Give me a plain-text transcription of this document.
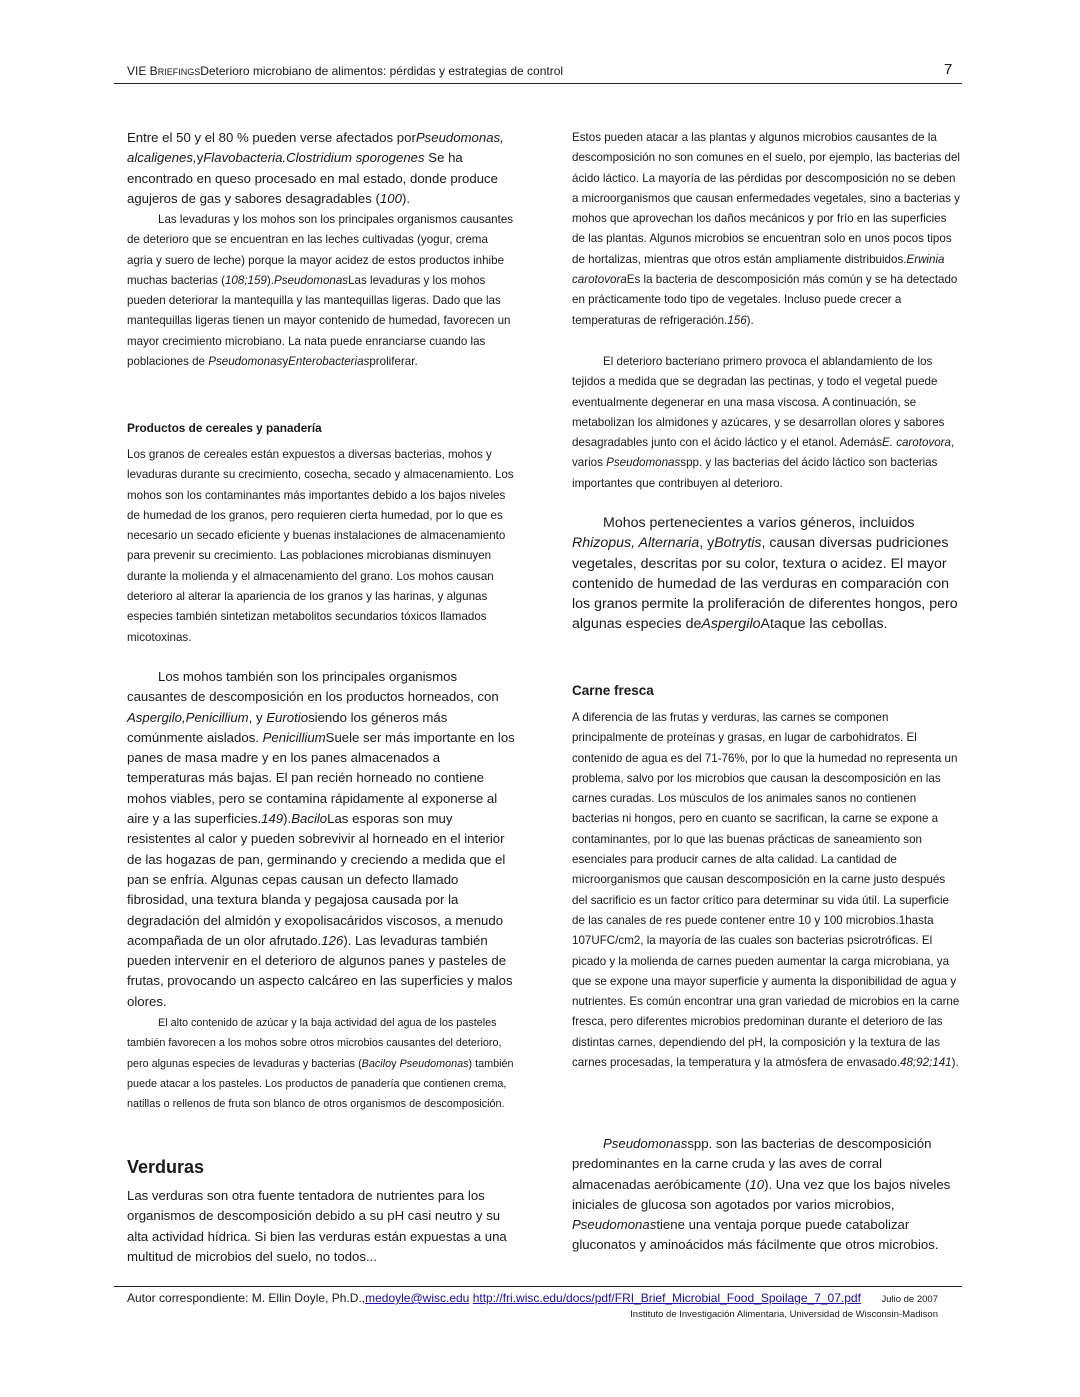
VIE BRIEFINGSDeterioro microbiano de alimentos: pérdidas y estrategias de control	7

Entre el 50 y el 80 % pueden verse afectados porPseudomonas, alcaligenes,yFlavobacteria.Clostridium sporogenes Se ha encontrado en queso procesado en mal estado, donde produce agujeros de gas y sabores desagradables (100).

Las levaduras y los mohos son los principales organismos causantes de deterioro que se encuentran en las leches cultivadas (yogur, crema agria y suero de leche) porque la mayor acidez de estos productos inhibe muchas bacterias (108;159).PseudomonasLas levaduras y los mohos pueden deteriorar la mantequilla y las mantequillas ligeras. Dado que las mantequillas ligeras tienen un mayor contenido de humedad, favorecen un mayor crecimiento microbiano. La nata puede enranciarse cuando las poblaciones de PseudomonasyEnterobacteriasproliferar.

Productos de cereales y panadería

Los granos de cereales están expuestos a diversas bacterias, mohos y levaduras durante su crecimiento, cosecha, secado y almacenamiento. Los mohos son los contaminantes más importantes debido a los bajos niveles de humedad de los granos, pero requieren cierta humedad, por lo que es necesario un secado eficiente y buenas instalaciones de almacenamiento para prevenir su crecimiento. Las poblaciones microbianas disminuyen durante la molienda y el almacenamiento del grano. Los mohos causan deterioro al alterar la apariencia de los granos y las harinas, y algunas especies también sintetizan metabolitos secundarios tóxicos llamados micotoxinas.

Los mohos también son los principales organismos causantes de descomposición en los productos horneados, con Aspergilo,Penicillium, y Eurotiosiendo los géneros más comúnmente aislados. PenicilliumSuele ser más importante en los panes de masa madre y en los panes almacenados a temperaturas más bajas. El pan recién horneado no contiene mohos viables, pero se contamina rápidamente al exponerse al aire y a las superficies.149).BaciloLas esporas son muy resistentes al calor y pueden sobrevivir al horneado en el interior de las hogazas de pan, germinando y creciendo a medida que el pan se enfría. Algunas cepas causan un defecto llamado fibrosidad, una textura blanda y pegajosa causada por la degradación del almidón y exopolisacáridos viscosos, a menudo acompañada de un olor afrutado.126). Las levaduras también pueden intervenir en el deterioro de algunos panes y pasteles de frutas, provocando un aspecto calcáreo en las superficies y malos olores.

El alto contenido de azúcar y la baja actividad del agua de los pasteles también favorecen a los mohos sobre otros microbios causantes del deterioro, pero algunas especies de levaduras y bacterias (Baciloy Pseudomonas) también puede atacar a los pasteles. Los productos de panadería que contienen crema, natillas o rellenos de fruta son blanco de otros organismos de descomposición.

Verduras

Las verduras son otra fuente tentadora de nutrientes para los organismos de descomposición debido a su pH casi neutro y su alta actividad hídrica. Si bien las verduras están expuestas a una multitud de microbios del suelo, no todos...

Estos pueden atacar a las plantas y algunos microbios causantes de la descomposición no son comunes en el suelo, por ejemplo, las bacterias del ácido láctico. La mayoría de las pérdidas por descomposición no se deben a microorganismos que causan enfermedades vegetales, sino a bacterias y mohos que aprovechan los daños mecánicos y por frío en las superficies de las plantas. Algunos microbios se encuentran solo en unos pocos tipos de hortalizas, mientras que otros están ampliamente distribuidos.Erwinia carotovoraEs la bacteria de descomposición más común y se ha detectado en prácticamente todo tipo de vegetales. Incluso puede crecer a temperaturas de refrigeración.156).

El deterioro bacteriano primero provoca el ablandamiento de los tejidos a medida que se degradan las pectinas, y todo el vegetal puede eventualmente degenerar en una masa viscosa. A continuación, se metabolizan los almidones y azúcares, y se desarrollan olores y sabores desagradables junto con el ácido láctico y el etanol. AdemásE. carotovora, varios Pseudomonasspp. y las bacterias del ácido láctico son bacterias importantes que contribuyen al deterioro.

Mohos pertenecientes a varios géneros, incluidos Rhizopus, Alternaria, yBotrytis, causan diversas pudriciones vegetales, descritas por su color, textura o acidez. El mayor contenido de humedad de las verduras en comparación con los granos permite la proliferación de diferentes hongos, pero algunas especies deAspergiloAtaque las cebollas.

Carne fresca

A diferencia de las frutas y verduras, las carnes se componen principalmente de proteínas y grasas, en lugar de carbohidratos. El contenido de agua es del 71-76%, por lo que la humedad no representa un problema, salvo por los microbios que causan la descomposición en las carnes curadas. Los músculos de los animales sanos no contienen bacterias ni hongos, pero en cuanto se sacrifican, la carne se expone a contaminantes, por lo que las buenas prácticas de saneamiento son esenciales para producir carnes de alta calidad. La cantidad de microorganismos que causan descomposición en la carne justo después del sacrificio es un factor crítico para determinar su vida útil. La superficie de las canales de res puede contener entre 10 y 100 microbios.1hasta 107UFC/cm2, la mayoría de las cuales son bacterias psicrotróficas. El picado y la molienda de carnes pueden aumentar la carga microbiana, ya que se expone una mayor superficie y aumenta la disponibilidad de agua y nutrientes. Es común encontrar una gran variedad de microbios en la carne fresca, pero diferentes microbios predominan durante el deterioro de las distintas carnes, dependiendo del pH, la composición y la textura de las carnes procesadas, la temperatura y la atmósfera de envasado.48;92;141).

Pseudomonasspp. son las bacterias de descomposición predominantes en la carne cruda y las aves de corral almacenadas aeróbicamente (10). Una vez que los bajos niveles iniciales de glucosa son agotados por varios microbios, Pseudomonastiene una ventaja porque puede catabolizar gluconatos y aminoácidos más fácilmente que otros microbios.

Autor correspondiente: M. Ellin Doyle, Ph.D.,medoyle@wisc.edu http://fri.wisc.edu/docs/pdf/FRI_Brief_Microbial_Food_Spoilage_7_07.pdf	Julio de 2007
Instituto de Investigación Alimentaria, Universidad de Wisconsin-Madison
